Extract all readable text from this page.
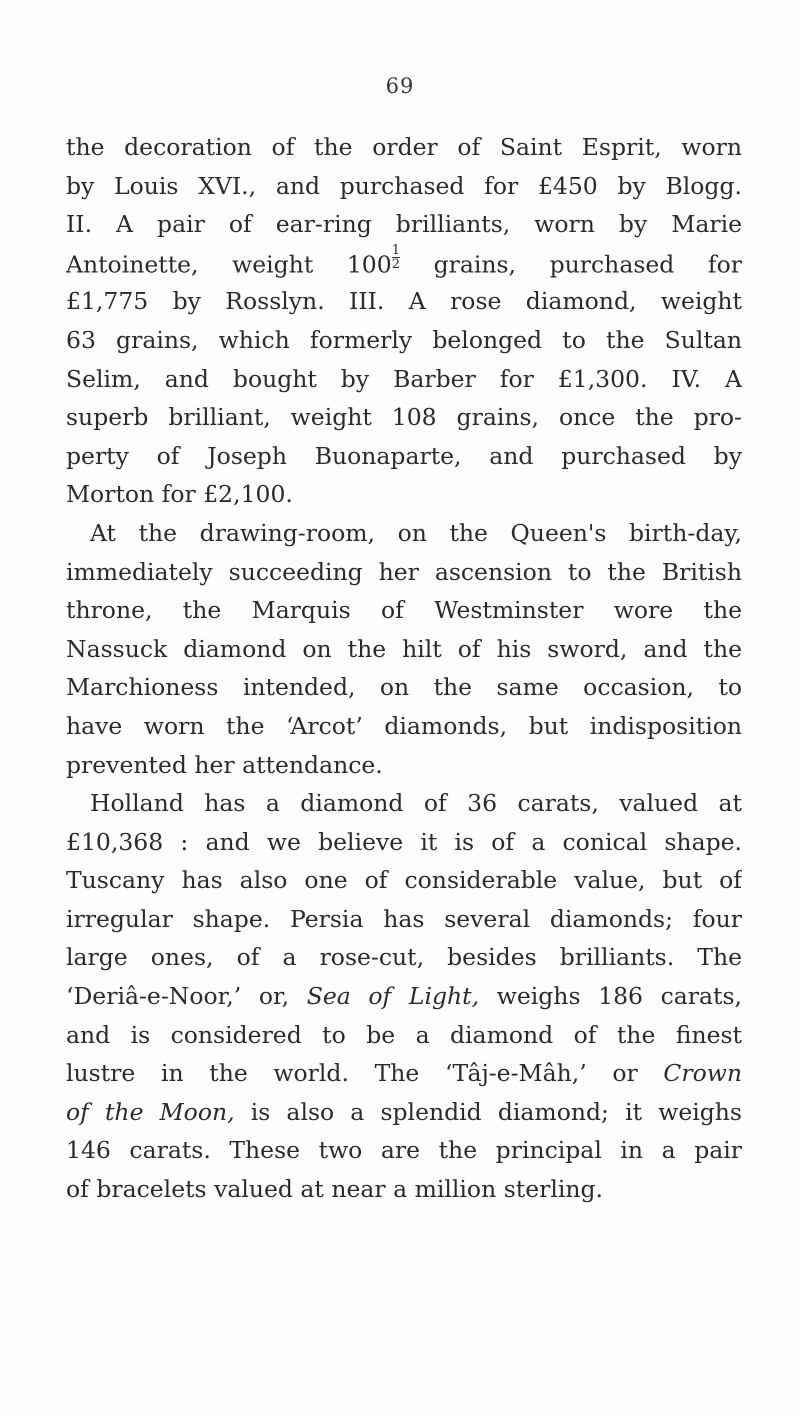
69
the decoration of the order of Saint Esprit, worn
by Louis XVI., and purchased for £450 by Blogg.
II. A pair of ear-ring brilliants, worn by Marie
Antoinette, weight $100 \frac{1}{2}$ grains, purchased for
£1,775 by Rosslyn. III. A rose diamond, weight
63 grains, which formerly belonged to the Sultan
Selim, and bought by Barber for £1,300. IV. A
superb brilliant, weight 108 grains, once the pro-
perty of Joseph Buonaparte, and purchased by
Morton for £2,100.
At the drawing-room, on the Queen's birth-day,
immediately succeeding her ascension to the British
throne, the Marquis of Westminster wore the
Nassuck diamond on the hilt of his sword, and the
Marchioness intended, on the same occasion, to
have worn the ‘Arcot’ diamonds, but indisposition
prevented her attendance.
Holland has a diamond of 36 carats, valued at
£10,368 : and we believe it is of a conical shape.
Tuscany has also one of considerable value, but of
irregular shape. Persia has several diamonds; four
large ones, of a rose-cut, besides brilliants. The
‘Deriâ-e-Noor,’ or, Sea of Light, weighs 186 carats,
and is considered to be a diamond of the finest
lustre in the world. The ‘Tâj-e-Mâh,’ or Crown
of the Moon, is also a splendid diamond; it weighs
146 carats. These two are the principal in a pair
of bracelets valued at near a million sterling.
